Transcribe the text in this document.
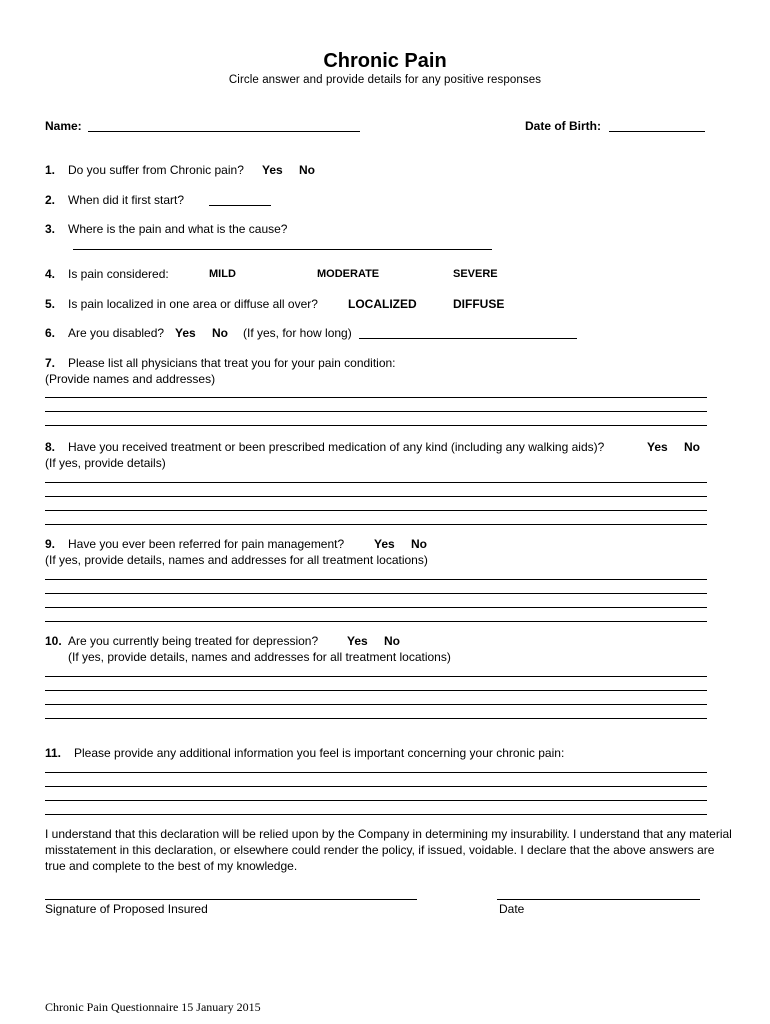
Chronic Pain
Circle answer and provide details for any positive responses
Name:	Date of Birth:
1. Do you suffer from Chronic pain? Yes No
2. When did it first start?
3. Where is the pain and what is the cause?
4. Is pain considered:	MILD	MODERATE	SEVERE
5. Is pain localized in one area or diffuse all over?	LOCALIZED	DIFFUSE
6. Are you disabled? Yes No (If yes, for how long)
7. Please list all physicians that treat you for your pain condition:
(Provide names and addresses)
8. Have you received treatment or been prescribed medication of any kind (including any walking aids)?	Yes No
(If yes, provide details)
9. Have you ever been referred for pain management? Yes No
(If yes, provide details, names and addresses for all treatment locations)
10. Are you currently being treated for depression? Yes No
(If yes, provide details, names and addresses for all treatment locations)
11. Please provide any additional information you feel is important concerning your chronic pain:
I understand that this declaration will be relied upon by the Company in determining my insurability. I understand that any material misstatement in this declaration, or elsewhere could render the policy, if issued, voidable. I declare that the above answers are true and complete to the best of my knowledge.
Signature of Proposed Insured	Date
Chronic Pain Questionnaire 15 January 2015
